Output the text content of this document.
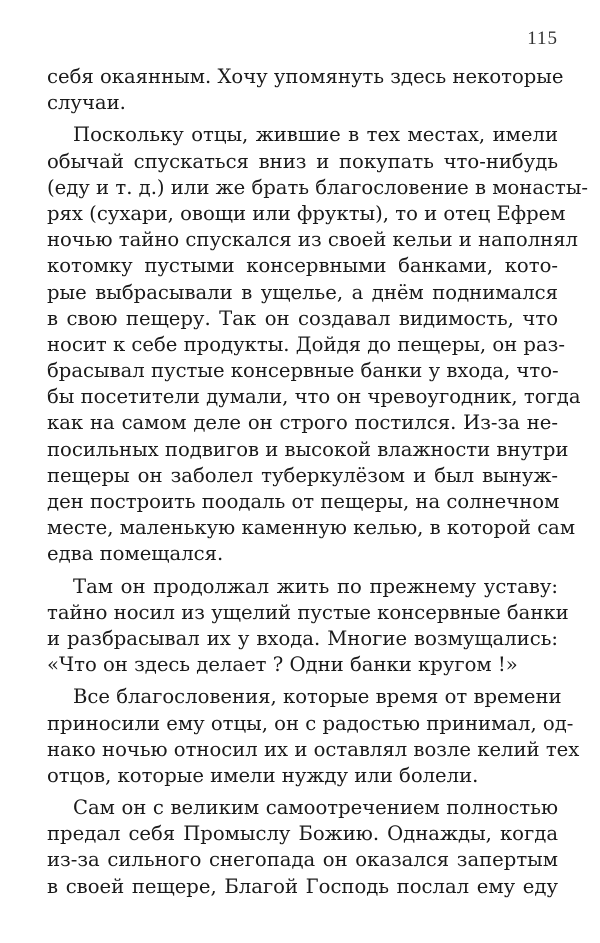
115
себя окаянным. Хочу упомянуть здесь некоторые
случаи.
Поскольку отцы, жившие в тех местах, имели
обычай спускаться вниз и покупать что-нибудь
(еду и т. д.) или же брать благословение в монасты-
рях (сухари, овощи или фрукты), то и отец Ефрем
ночью тайно спускался из своей кельи и наполнял
котомку пустыми консервными банками, кото-
рые выбрасывали в ущелье, а днём поднимался
в свою пещеру. Так он создавал видимость, что
носит к себе продукты. Дойдя до пещеры, он раз-
брасывал пустые консервные банки у входа, что-
бы посетители думали, что он чревоугодник, тогда
как на самом деле он строго постился. Из-за не-
посильных подвигов и высокой влажности внутри
пещеры он заболел туберкулёзом и был вынуж-
ден построить поодаль от пещеры, на солнечном
месте, маленькую каменную келью, в которой сам
едва помещался.
Там он продолжал жить по прежнему уставу:
тайно носил из ущелий пустые консервные банки
и разбрасывал их у входа. Многие возмущались:
«Что он здесь делает ? Одни банки кругом !»
Все благословения, которые время от времени
приносили ему отцы, он с радостью принимал, од-
нако ночью относил их и оставлял возле келий тех
отцов, которые имели нужду или болели.
Сам он с великим самоотречением полностью
предал себя Промыслу Божию. Однажды, когда
из-за сильного снегопада он оказался запертым
в своей пещере, Благой Господь послал ему еду
